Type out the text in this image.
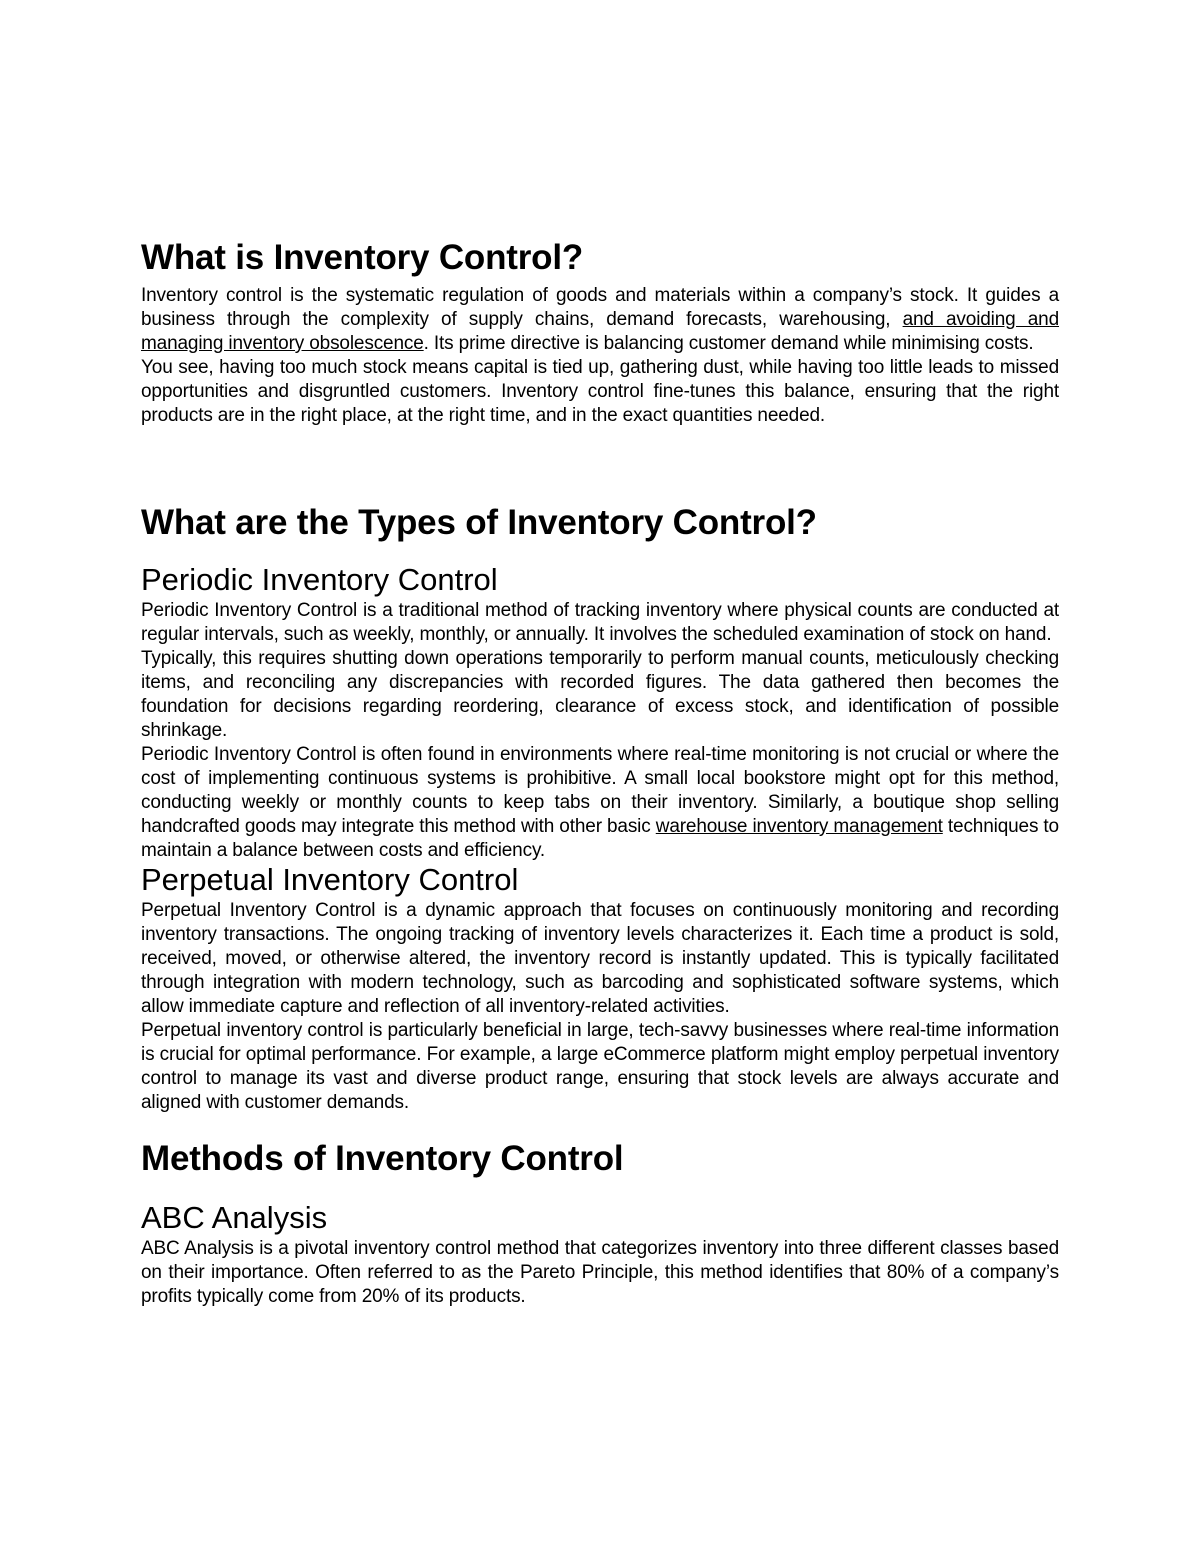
What is Inventory Control?

Inventory control is the systematic regulation of goods and materials within a company’s stock. It guides a business through the complexity of supply chains, demand forecasts, warehousing, and avoiding and managing inventory obsolescence. Its prime directive is balancing customer demand while minimising costs.

You see, having too much stock means capital is tied up, gathering dust, while having too little leads to missed opportunities and disgruntled customers. Inventory control fine-tunes this balance, ensuring that the right products are in the right place, at the right time, and in the exact quantities needed.

What are the Types of Inventory Control?
Periodic Inventory Control

Periodic Inventory Control is a traditional method of tracking inventory where physical counts are conducted at regular intervals, such as weekly, monthly, or annually. It involves the scheduled examination of stock on hand.

Typically, this requires shutting down operations temporarily to perform manual counts, meticulously checking items, and reconciling any discrepancies with recorded figures. The data gathered then becomes the foundation for decisions regarding reordering, clearance of excess stock, and identification of possible shrinkage.

Periodic Inventory Control is often found in environments where real-time monitoring is not crucial or where the cost of implementing continuous systems is prohibitive. A small local bookstore might opt for this method, conducting weekly or monthly counts to keep tabs on their inventory. Similarly, a boutique shop selling handcrafted goods may integrate this method with other basic warehouse inventory management techniques to maintain a balance between costs and efficiency.

Perpetual Inventory Control

Perpetual Inventory Control is a dynamic approach that focuses on continuously monitoring and recording inventory transactions. The ongoing tracking of inventory levels characterizes it. Each time a product is sold, received, moved, or otherwise altered, the inventory record is instantly updated. This is typically facilitated through integration with modern technology, such as barcoding and sophisticated software systems, which allow immediate capture and reflection of all inventory-related activities.

Perpetual inventory control is particularly beneficial in large, tech-savvy businesses where real-time information is crucial for optimal performance. For example, a large eCommerce platform might employ perpetual inventory control to manage its vast and diverse product range, ensuring that stock levels are always accurate and aligned with customer demands.

Methods of Inventory Control
ABC Analysis

ABC Analysis is a pivotal inventory control method that categorizes inventory into three different classes based on their importance. Often referred to as the Pareto Principle, this method identifies that 80% of a company’s profits typically come from 20% of its products.
